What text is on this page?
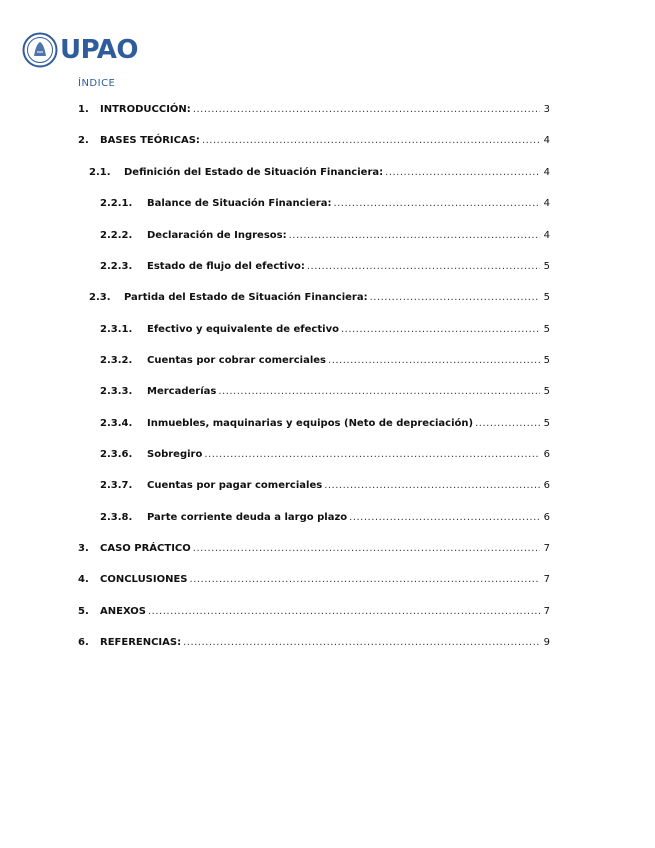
UPAO
ÍNDICE
1.	INTRODUCCIÓN: .....	3
2.	BASES TEÓRICAS: .....	4
2.1.	Definición del Estado de Situación Financiera: .....	4
2.2.1.	Balance de Situación Financiera: .....	4
2.2.2.	Declaración de Ingresos: .....	4
2.2.3.	Estado de flujo del efectivo: .....	5
2.3.	Partida del Estado de Situación Financiera: .....	5
2.3.1.	Efectivo y equivalente de efectivo .....	5
2.3.2.	Cuentas por cobrar comerciales .....	5
2.3.3.	Mercaderías .....	5
2.3.4.	Inmuebles, maquinarias y equipos (Neto de depreciación) .....	5
2.3.6.	Sobregiro .....	6
2.3.7.	Cuentas por pagar comerciales .....	6
2.3.8.	Parte corriente deuda a largo plazo .....	6
3.	CASO PRÁCTICO .....	7
4.	CONCLUSIONES .....	7
5.	ANEXOS .....	7
6.	REFERENCIAS: .....	9
